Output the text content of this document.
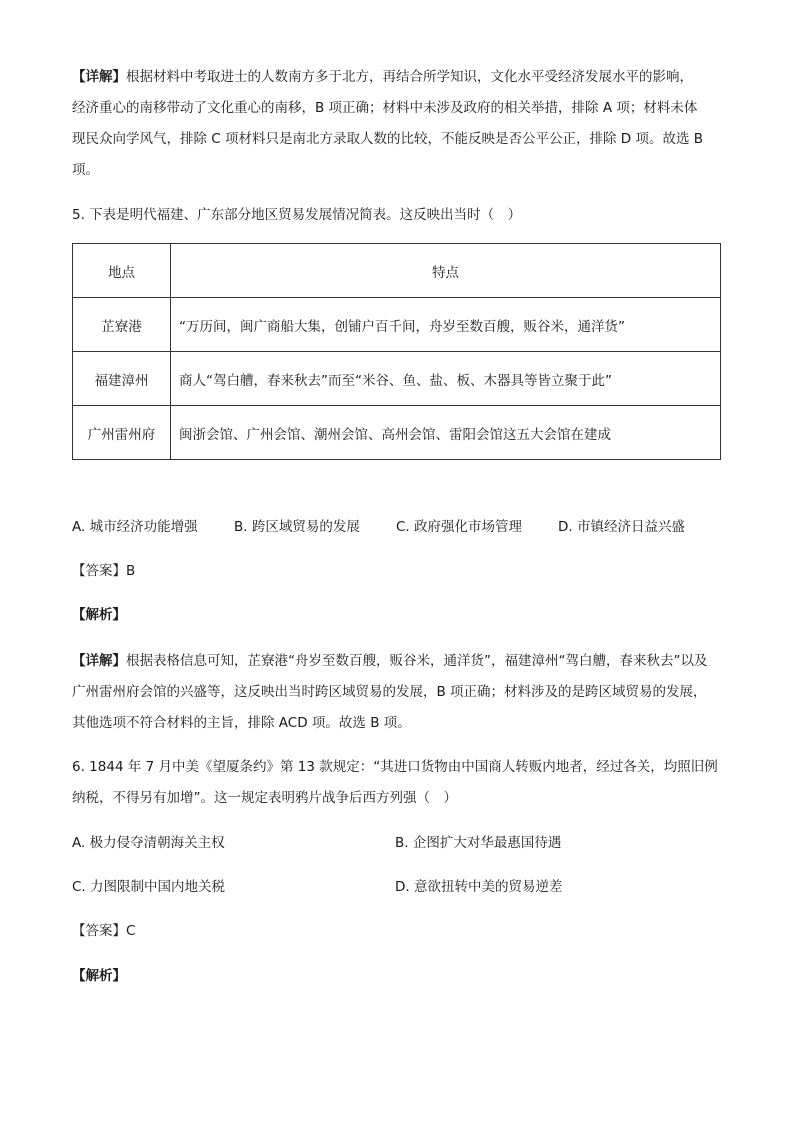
【详解】根据材料中考取进士的人数南方多于北方，再结合所学知识，文化水平受经济发展水平的影响，
经济重心的南移带动了文化重心的南移，B 项正确；材料中未涉及政府的相关举措，排除 A 项；材料未体
现民众向学风气，排除 C 项材料只是南北方录取人数的比较，不能反映是否公平公正，排除 D 项。故选 B
项。

5. 下表是明代福建、广东部分地区贸易发展情况简表。这反映出当时（　）

地点	特点
芷寮港	“万历间，闽广商船大集，创铺户百千间，舟岁至数百艘，贩谷米，通洋货”
福建漳州	商人“驾白艚，春来秋去”而至“米谷、鱼、盐、板、木器具等皆立聚于此”
广州雷州府	闽浙会馆、广州会馆、潮州会馆、高州会馆、雷阳会馆这五大会馆在建成
A. 城市经济功能增强	B. 跨区域贸易的发展	C. 政府强化市场管理	D. 市镇经济日益兴盛

【答案】B

【解析】

【详解】根据表格信息可知，芷寮港“舟岁至数百艘，贩谷米，通洋货”，福建漳州“驾白艚，春来秋去”以及
广州雷州府会馆的兴盛等，这反映出当时跨区域贸易的发展，B 项正确；材料涉及的是跨区域贸易的发展，
其他选项不符合材料的主旨，排除 ACD 项。故选 B 项。

6. 1844 年 7 月中美《望厦条约》第 13 款规定：“其进口货物由中国商人转贩内地者，经过各关，均照旧例
纳税，不得另有加增”。这一规定表明鸦片战争后西方列强（　）

A. 极力侵夺清朝海关主权	B. 企图扩大对华最惠国待遇
C. 力图限制中国内地关税	D. 意欲扭转中美的贸易逆差

【答案】C

【解析】
